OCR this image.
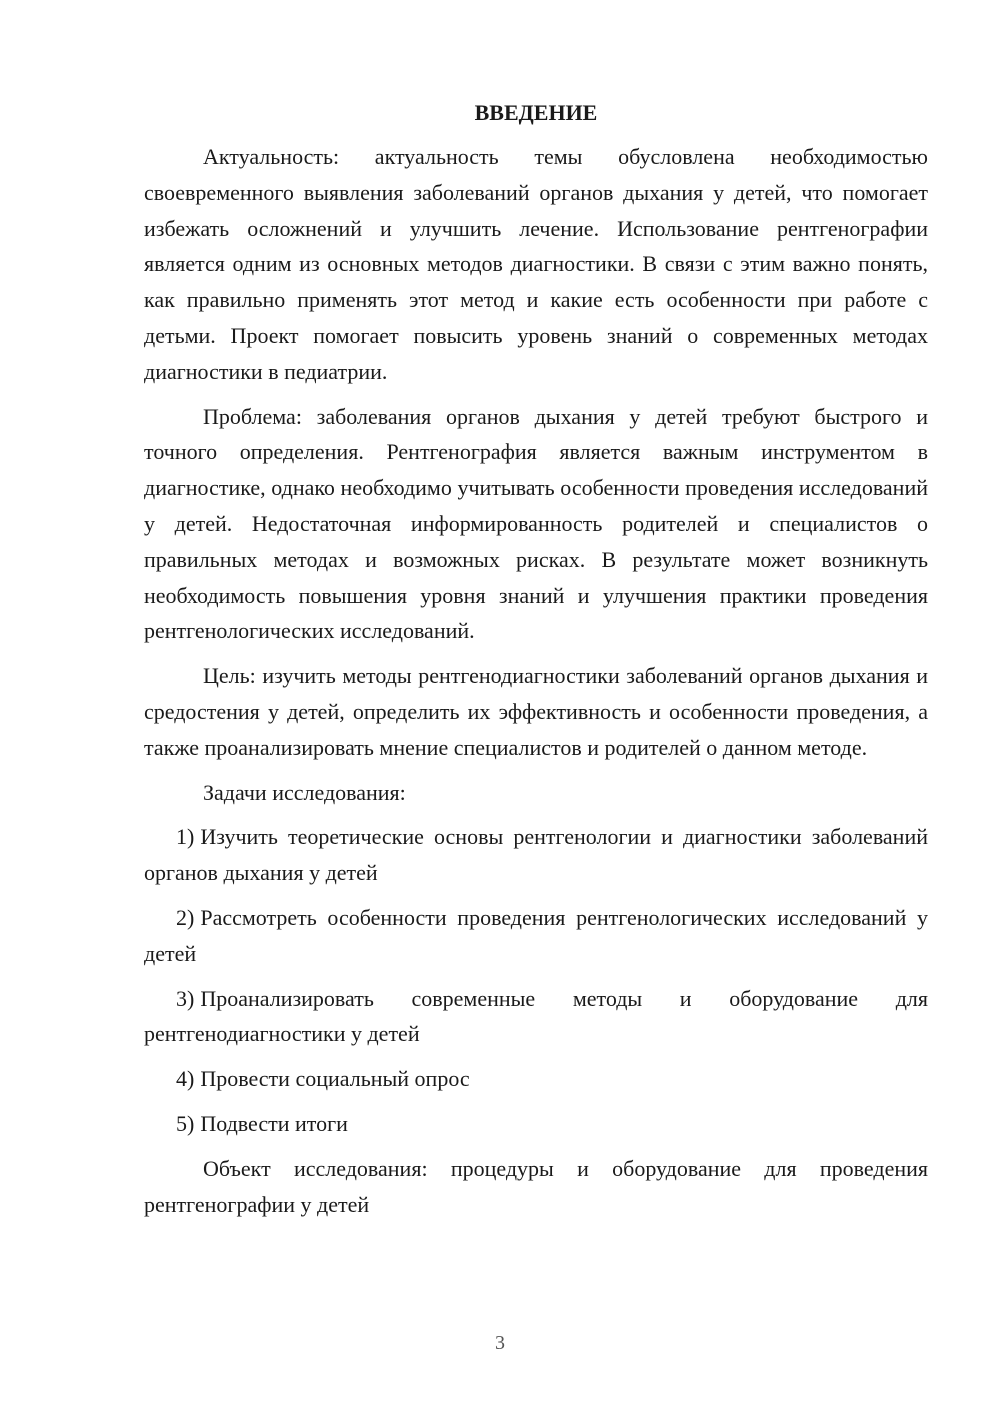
ВВЕДЕНИЕ

Актуальность: актуальность темы обусловлена необходимостью своевременного выявления заболеваний органов дыхания у детей, что помогает избежать осложнений и улучшить лечение. Использование рентгенографии является одним из основных методов диагностики. В связи с этим важно понять, как правильно применять этот метод и какие есть особенности при работе с детьми. Проект помогает повысить уровень знаний о современных методах диагностики в педиатрии.

Проблема: заболевания органов дыхания у детей требуют быстрого и точного определения. Рентгенография является важным инструментом в диагностике, однако необходимо учитывать особенности проведения исследований у детей. Недостаточная информированность родителей и специалистов о правильных методах и возможных рисках. В результате может возникнуть необходимость повышения уровня знаний и улучшения практики проведения рентгенологических исследований.

Цель: изучить методы рентгенодиагностики заболеваний органов дыхания и средостения у детей, определить их эффективность и особенности проведения, а также проанализировать мнение специалистов и родителей о данном методе.

Задачи исследования:

1) Изучить теоретические основы рентгенологии и диагностики заболеваний органов дыхания у детей

2) Рассмотреть особенности проведения рентгенологических исследований у детей

3) Проанализировать современные методы и оборудование для рентгенодиагностики у детей

4) Провести социальный опрос

5) Подвести итоги

Объект исследования: процедуры и оборудование для проведения рентгенографии у детей

3
